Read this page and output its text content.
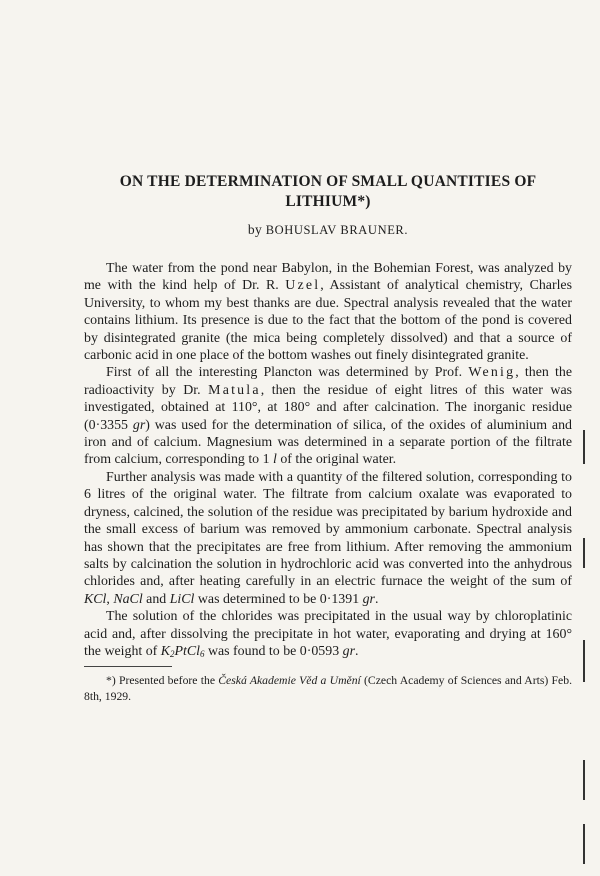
ON THE DETERMINATION OF SMALL QUANTITIES OF LITHIUM*)

by BOHUSLAV BRAUNER.

The water from the pond near Babylon, in the Bohemian Forest, was analyzed by me with the kind help of Dr. R. Uzel, Assistant of analytical chemistry, Charles University, to whom my best thanks are due. Spectral analysis revealed that the water contains lithium. Its presence is due to the fact that the bottom of the pond is covered by disintegrated granite (the mica being completely dissolved) and that a source of carbonic acid in one place of the bottom washes out finely disintegrated granite.

First of all the interesting Plancton was determined by Prof. Wenig, then the radioactivity by Dr. Matula, then the residue of eight litres of this water was investigated, obtained at 110°, at 180° and after calcination. The inorganic residue (0·3355 gr) was used for the determination of silica, of the oxides of aluminium and iron and of calcium. Magnesium was determined in a separate portion of the filtrate from calcium, corresponding to 1 l of the original water.

Further analysis was made with a quantity of the filtered solution, corresponding to 6 litres of the original water. The filtrate from calcium oxalate was evaporated to dryness, calcined, the solution of the residue was precipitated by barium hydroxide and the small excess of barium was removed by ammonium carbonate. Spectral analysis has shown that the precipitates are free from lithium. After removing the ammonium salts by calcination the solution in hydrochloric acid was converted into the anhydrous chlorides and, after heating carefully in an electric furnace the weight of the sum of KCl, NaCl and LiCl was determined to be 0·1391 gr.

The solution of the chlorides was precipitated in the usual way by chloroplatinic acid and, after dissolving the precipitate in hot water, evaporating and drying at 160° the weight of $K_2PtCl_6$ was found to be 0·0593 gr.

*) Presented before the Česká Akademie Věd a Umění (Czech Academy of Sciences and Arts) Feb. 8th, 1929.
